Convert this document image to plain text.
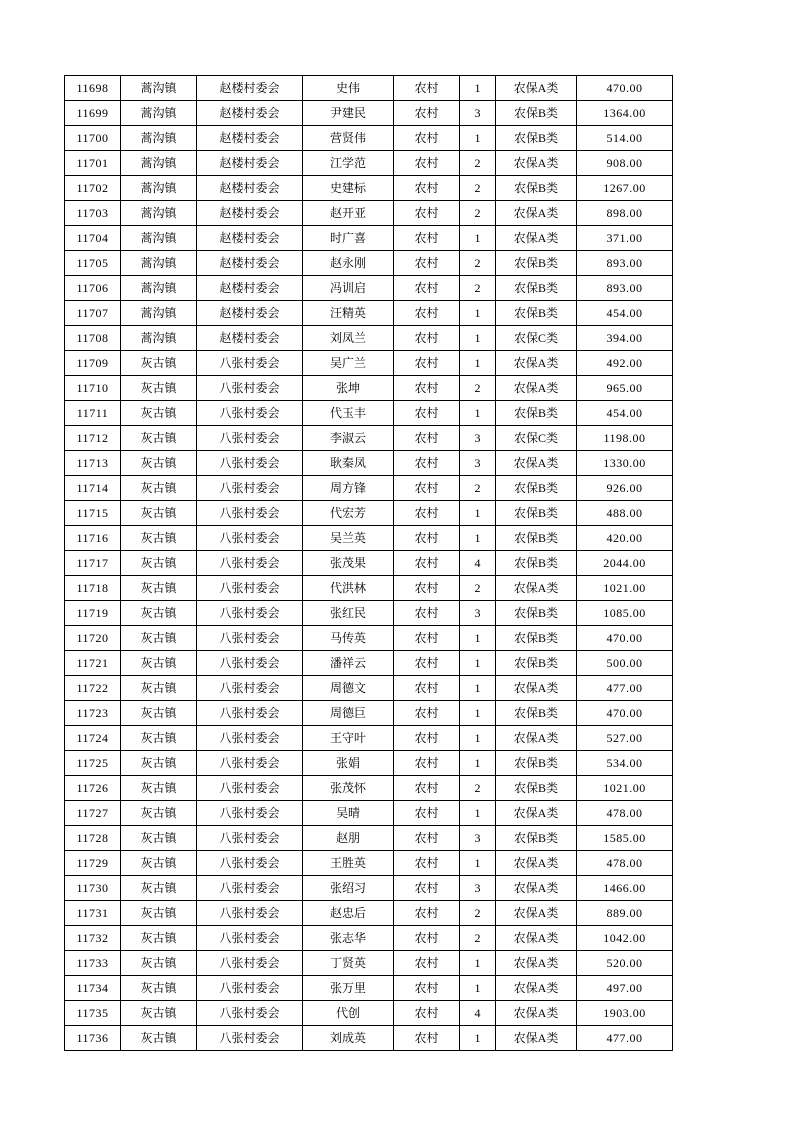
11698	蒿沟镇	赵楼村委会	史伟	农村	1	农保A类	470.00
11699	蒿沟镇	赵楼村委会	尹建民	农村	3	农保B类	1364.00
11700	蒿沟镇	赵楼村委会	营贤伟	农村	1	农保B类	514.00
11701	蒿沟镇	赵楼村委会	江学范	农村	2	农保A类	908.00
11702	蒿沟镇	赵楼村委会	史建标	农村	2	农保B类	1267.00
11703	蒿沟镇	赵楼村委会	赵开亚	农村	2	农保A类	898.00
11704	蒿沟镇	赵楼村委会	时广喜	农村	1	农保A类	371.00
11705	蒿沟镇	赵楼村委会	赵永刚	农村	2	农保B类	893.00
11706	蒿沟镇	赵楼村委会	冯训启	农村	2	农保B类	893.00
11707	蒿沟镇	赵楼村委会	汪精英	农村	1	农保B类	454.00
11708	蒿沟镇	赵楼村委会	刘凤兰	农村	1	农保C类	394.00
11709	灰古镇	八张村委会	吴广兰	农村	1	农保A类	492.00
11710	灰古镇	八张村委会	张坤	农村	2	农保A类	965.00
11711	灰古镇	八张村委会	代玉丰	农村	1	农保B类	454.00
11712	灰古镇	八张村委会	李淑云	农村	3	农保C类	1198.00
11713	灰古镇	八张村委会	耿秦凤	农村	3	农保A类	1330.00
11714	灰古镇	八张村委会	周方锋	农村	2	农保B类	926.00
11715	灰古镇	八张村委会	代宏芳	农村	1	农保B类	488.00
11716	灰古镇	八张村委会	吴兰英	农村	1	农保B类	420.00
11717	灰古镇	八张村委会	张茂果	农村	4	农保B类	2044.00
11718	灰古镇	八张村委会	代洪林	农村	2	农保A类	1021.00
11719	灰古镇	八张村委会	张红民	农村	3	农保B类	1085.00
11720	灰古镇	八张村委会	马传英	农村	1	农保B类	470.00
11721	灰古镇	八张村委会	潘祥云	农村	1	农保B类	500.00
11722	灰古镇	八张村委会	周德文	农村	1	农保A类	477.00
11723	灰古镇	八张村委会	周德巨	农村	1	农保B类	470.00
11724	灰古镇	八张村委会	王守叶	农村	1	农保A类	527.00
11725	灰古镇	八张村委会	张娟	农村	1	农保B类	534.00
11726	灰古镇	八张村委会	张茂怀	农村	2	农保B类	1021.00
11727	灰古镇	八张村委会	吴晴	农村	1	农保A类	478.00
11728	灰古镇	八张村委会	赵朋	农村	3	农保B类	1585.00
11729	灰古镇	八张村委会	王胜英	农村	1	农保A类	478.00
11730	灰古镇	八张村委会	张绍习	农村	3	农保A类	1466.00
11731	灰古镇	八张村委会	赵忠后	农村	2	农保A类	889.00
11732	灰古镇	八张村委会	张志华	农村	2	农保A类	1042.00
11733	灰古镇	八张村委会	丁贤英	农村	1	农保A类	520.00
11734	灰古镇	八张村委会	张万里	农村	1	农保A类	497.00
11735	灰古镇	八张村委会	代创	农村	4	农保A类	1903.00
11736	灰古镇	八张村委会	刘成英	农村	1	农保A类	477.00
